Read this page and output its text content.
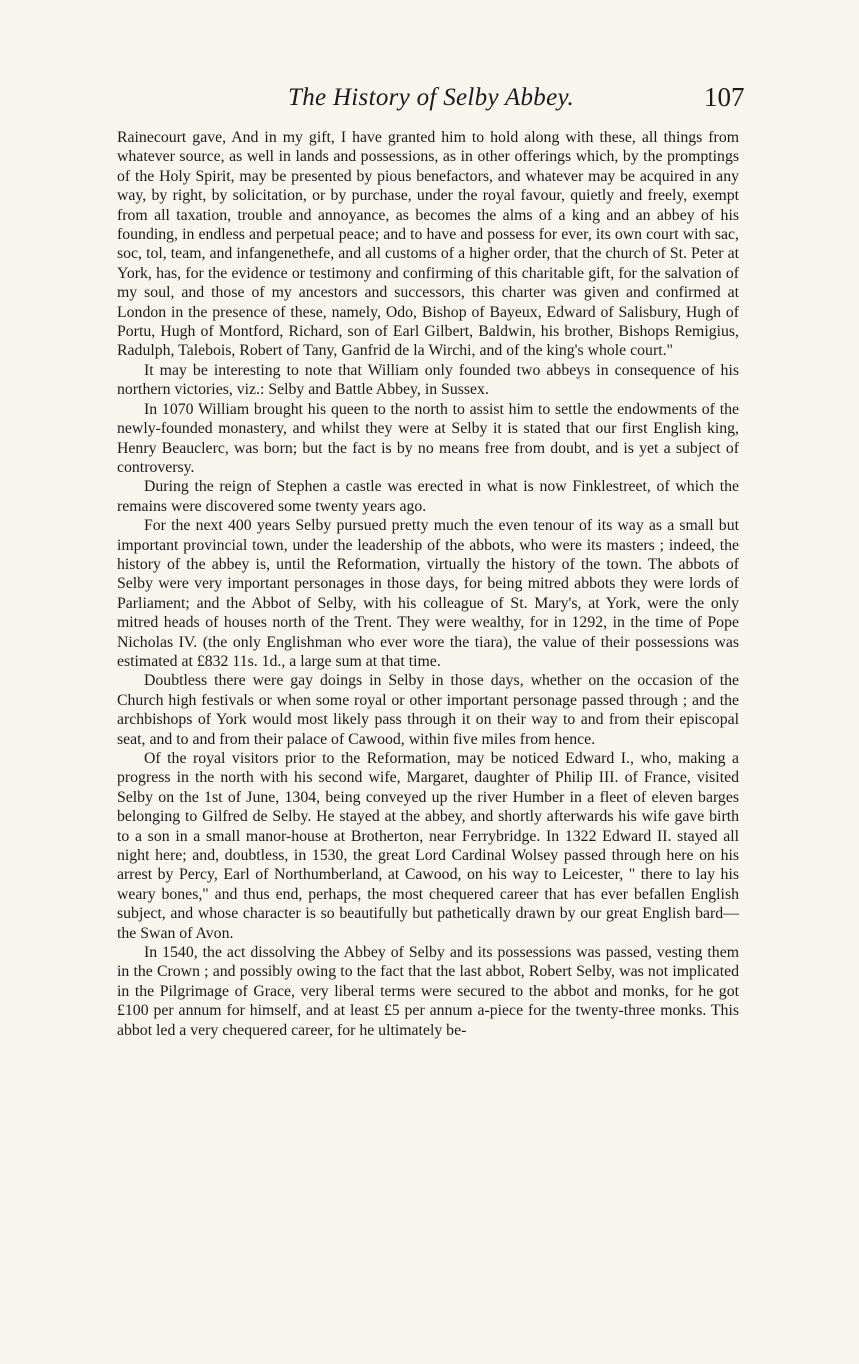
The History of Selby Abbey.	107

Rainecourt gave, And in my gift, I have granted him to hold along with these, all things from whatever source, as well in lands and possessions, as in other offerings which, by the promptings of the Holy Spirit, may be presented by pious benefactors, and whatever may be acquired in any way, by right, by solicitation, or by purchase, under the royal favour, quietly and freely, exempt from all taxation, trouble and annoyance, as becomes the alms of a king and an abbey of his founding, in endless and perpetual peace; and to have and possess for ever, its own court with sac, soc, tol, team, and infangenethefe, and all customs of a higher order, that the church of St. Peter at York, has, for the evidence or testimony and confirming of this charitable gift, for the salvation of my soul, and those of my ancestors and successors, this charter was given and confirmed at London in the presence of these, namely, Odo, Bishop of Bayeux, Edward of Salisbury, Hugh of Portu, Hugh of Montford, Richard, son of Earl Gilbert, Baldwin, his brother, Bishops Remigius, Radulph, Talebois, Robert of Tany, Ganfrid de la Wirchi, and of the king's whole court."

It may be interesting to note that William only founded two abbeys in consequence of his northern victories, viz.: Selby and Battle Abbey, in Sussex.

In 1070 William brought his queen to the north to assist him to settle the endowments of the newly-founded monastery, and whilst they were at Selby it is stated that our first English king, Henry Beauclerc, was born; but the fact is by no means free from doubt, and is yet a subject of controversy.

During the reign of Stephen a castle was erected in what is now Finklestreet, of which the remains were discovered some twenty years ago.

For the next 400 years Selby pursued pretty much the even tenour of its way as a small but important provincial town, under the leadership of the abbots, who were its masters ; indeed, the history of the abbey is, until the Reformation, virtually the history of the town. The abbots of Selby were very important personages in those days, for being mitred abbots they were lords of Parliament; and the Abbot of Selby, with his colleague of St. Mary's, at York, were the only mitred heads of houses north of the Trent. They were wealthy, for in 1292, in the time of Pope Nicholas IV. (the only Englishman who ever wore the tiara), the value of their possessions was estimated at £832 11s. 1d., a large sum at that time.

Doubtless there were gay doings in Selby in those days, whether on the occasion of the Church high festivals or when some royal or other important personage passed through ; and the archbishops of York would most likely pass through it on their way to and from their episcopal seat, and to and from their palace of Cawood, within five miles from hence.

Of the royal visitors prior to the Reformation, may be noticed Edward I., who, making a progress in the north with his second wife, Margaret, daughter of Philip III. of France, visited Selby on the 1st of June, 1304, being conveyed up the river Humber in a fleet of eleven barges belonging to Gilfred de Selby. He stayed at the abbey, and shortly afterwards his wife gave birth to a son in a small manor-house at Brotherton, near Ferrybridge. In 1322 Edward II. stayed all night here; and, doubtless, in 1530, the great Lord Cardinal Wolsey passed through here on his arrest by Percy, Earl of Northumberland, at Cawood, on his way to Leicester, " there to lay his weary bones," and thus end, perhaps, the most chequered career that has ever befallen English subject, and whose character is so beautifully but pathetically drawn by our great English bard—the Swan of Avon.

In 1540, the act dissolving the Abbey of Selby and its possessions was passed, vesting them in the Crown ; and possibly owing to the fact that the last abbot, Robert Selby, was not implicated in the Pilgrimage of Grace, very liberal terms were secured to the abbot and monks, for he got £100 per annum for himself, and at least £5 per annum a-piece for the twenty-three monks. This abbot led a very chequered career, for he ultimately be-
